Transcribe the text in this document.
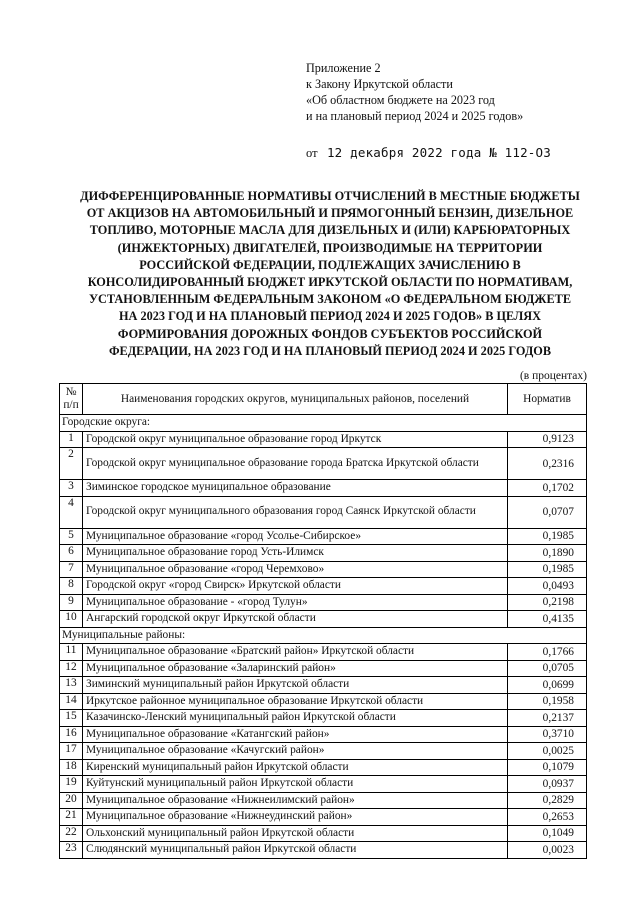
Приложение 2
к Закону Иркутской области
«Об областном бюджете на 2023 год
и на плановый период 2024 и 2025 годов»
от 12 декабря 2022 года № 112-ОЗ
ДИФФЕРЕНЦИРОВАННЫЕ НОРМАТИВЫ ОТЧИСЛЕНИЙ В МЕСТНЫЕ БЮДЖЕТЫ
ОТ АКЦИЗОВ НА АВТОМОБИЛЬНЫЙ И ПРЯМОГОННЫЙ БЕНЗИН, ДИЗЕЛЬНОЕ
ТОПЛИВО, МОТОРНЫЕ МАСЛА ДЛЯ ДИЗЕЛЬНЫХ И (ИЛИ) КАРБЮРАТОРНЫХ
(ИНЖЕКТОРНЫХ) ДВИГАТЕЛЕЙ, ПРОИЗВОДИМЫЕ НА ТЕРРИТОРИИ
РОССИЙСКОЙ ФЕДЕРАЦИИ, ПОДЛЕЖАЩИХ ЗАЧИСЛЕНИЮ В
КОНСОЛИДИРОВАННЫЙ БЮДЖЕТ ИРКУТСКОЙ ОБЛАСТИ ПО НОРМАТИВАМ,
УСТАНОВЛЕННЫМ ФЕДЕРАЛЬНЫМ ЗАКОНОМ «О ФЕДЕРАЛЬНОМ БЮДЖЕТЕ
НА 2023 ГОД И НА ПЛАНОВЫЙ ПЕРИОД 2024 И 2025 ГОДОВ» В ЦЕЛЯХ
ФОРМИРОВАНИЯ ДОРОЖНЫХ ФОНДОВ СУБЪЕКТОВ РОССИЙСКОЙ
ФЕДЕРАЦИИ, НА 2023 ГОД И НА ПЛАНОВЫЙ ПЕРИОД 2024 И 2025 ГОДОВ
(в процентах)
№
п/п	Наименования городских округов, муниципальных районов, поселений	Норматив
Городские округа:		
1	Городской округ муниципальное образование город Иркутск	0,9123
2	Городской округ муниципальное образование города Братска Иркутской области	0,2316
3	Зиминское городское муниципальное образование	0,1702
4	Городской округ муниципального образования город Саянск Иркутской области	0,0707
5	Муниципальное образование «город Усолье-Сибирское»	0,1985
6	Муниципальное образование город Усть-Илимск	0,1890
7	Муниципальное образование «город Черемхово»	0,1985
8	Городской округ «город Свирск» Иркутской области	0,0493
9	Муниципальное образование - «город Тулун»	0,2198
10	Ангарский городской округ Иркутской области	0,4135
Муниципальные районы:		
11	Муниципальное образование «Братский район» Иркутской области	0,1766
12	Муниципальное образование «Заларинский район»	0,0705
13	Зиминский муниципальный район Иркутской области	0,0699
14	Иркутское районное муниципальное образование Иркутской области	0,1958
15	Казачинско-Ленский муниципальный район Иркутской области	0,2137
16	Муниципальное образование «Катангский район»	0,3710
17	Муниципальное образование «Качугский район»	0,0025
18	Киренский муниципальный район Иркутской области	0,1079
19	Куйтунский муниципальный район Иркутской области	0,0937
20	Муниципальное образование «Нижнеилимский район»	0,2829
21	Муниципальное образование «Нижнеудинский район»	0,2653
22	Ольхонский муниципальный район Иркутской области	0,1049
23	Слюдянский муниципальный район Иркутской области	0,0023
